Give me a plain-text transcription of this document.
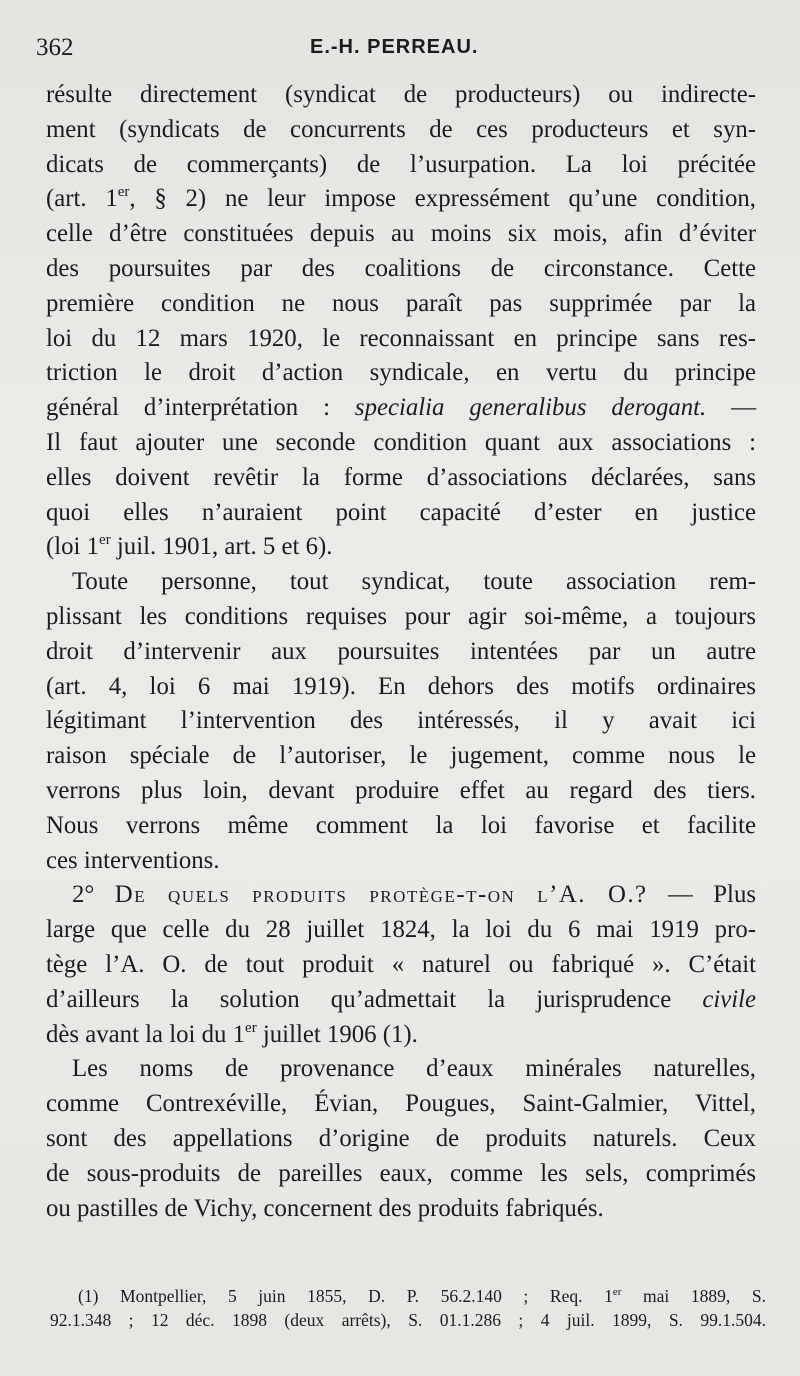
362	E.-H. PERREAU.
résulte directement (syndicat de producteurs) ou indirecte-
ment (syndicats de concurrents de ces producteurs et syn-
dicats de commerçants) de l’usurpation. La loi précitée
(art. 1er, § 2) ne leur impose expressément qu’une condition,
celle d’être constituées depuis au moins six mois, afin d’éviter
des poursuites par des coalitions de circonstance. Cette
première condition ne nous paraît pas supprimée par la
loi du 12 mars 1920, le reconnaissant en principe sans res-
triction le droit d’action syndicale, en vertu du principe
général d’interprétation : specialia generalibus derogant. —
Il faut ajouter une seconde condition quant aux associations :
elles doivent revêtir la forme d’associations déclarées, sans
quoi elles n’auraient point capacité d’ester en justice
(loi 1er juil. 1901, art. 5 et 6).
Toute personne, tout syndicat, toute association rem-
plissant les conditions requises pour agir soi-même, a toujours
droit d’intervenir aux poursuites intentées par un autre
(art. 4, loi 6 mai 1919). En dehors des motifs ordinaires
légitimant l’intervention des intéressés, il y avait ici
raison spéciale de l’autoriser, le jugement, comme nous le
verrons plus loin, devant produire effet au regard des tiers.
Nous verrons même comment la loi favorise et facilite
ces interventions.
2° De quels produits protège-t-on l’A. O.? — Plus
large que celle du 28 juillet 1824, la loi du 6 mai 1919 pro-
tège l’A. O. de tout produit « naturel ou fabriqué ». C’était
d’ailleurs la solution qu’admettait la jurisprudence civile
dès avant la loi du 1er juillet 1906 (1).
Les noms de provenance d’eaux minérales naturelles,
comme Contrexéville, Évian, Pougues, Saint-Galmier, Vittel,
sont des appellations d’origine de produits naturels. Ceux
de sous-produits de pareilles eaux, comme les sels, comprimés
ou pastilles de Vichy, concernent des produits fabriqués.
(1) Montpellier, 5 juin 1855, D. P. 56.2.140 ; Req. 1er mai 1889, S.
92.1.348 ; 12 déc. 1898 (deux arrêts), S. 01.1.286 ; 4 juil. 1899, S. 99.1.504.
